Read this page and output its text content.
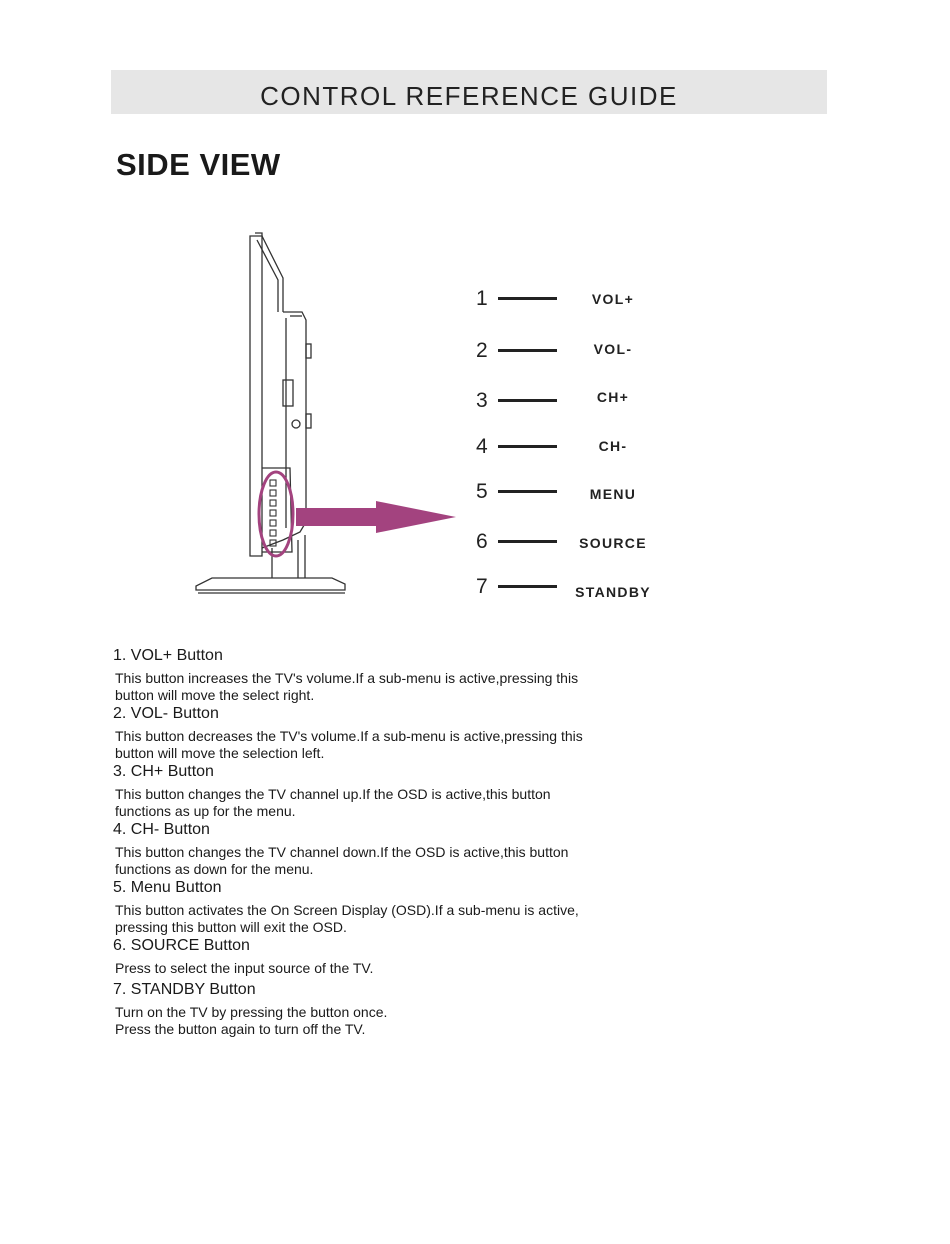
CONTROL REFERENCE GUIDE
SIDE VIEW
1	VOL+
2	VOL-
3	CH+
4	CH-
5	MENU
6	SOURCE
7	STANDBY
1. VOL+ Button
This button increases the TV's volume.If a sub-menu is active,pressing this
button will move the select right.
2. VOL- Button
This button decreases the TV's volume.If a sub-menu is active,pressing this
button will move the selection left.
3. CH+ Button
This button changes the TV channel up.If the OSD is active,this button
functions as up for the menu.
4. CH- Button
This button changes the TV channel down.If the OSD is active,this button
functions as down for the menu.
5. Menu Button
This button activates the On Screen Display (OSD).If a sub-menu is active,
pressing this button will exit the OSD.
6. SOURCE Button
Press to select the input source of the TV.
7. STANDBY Button
Turn on the TV by pressing the button once.
Press the button again to turn off the TV.
